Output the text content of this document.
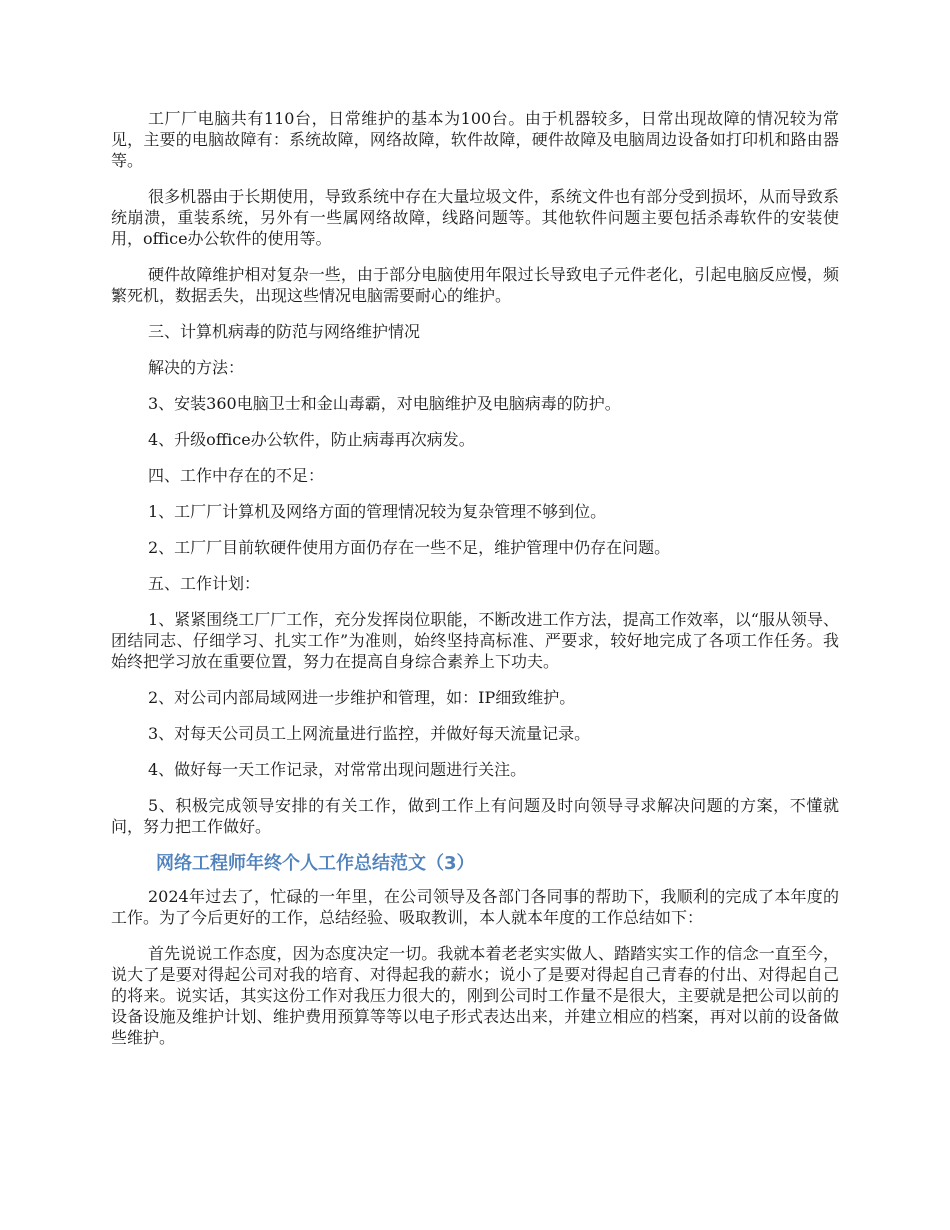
工厂厂电脑共有110台，日常维护的基本为100台。由于机器较多，日常出现故障的情况较为常见，主要的电脑故障有：系统故障，网络故障，软件故障，硬件故障及电脑周边设备如打印机和路由器等。

很多机器由于长期使用，导致系统中存在大量垃圾文件，系统文件也有部分受到损坏，从而导致系统崩溃，重装系统，另外有一些属网络故障，线路问题等。其他软件问题主要包括杀毒软件的安装使用，office办公软件的使用等。

硬件故障维护相对复杂一些，由于部分电脑使用年限过长导致电子元件老化，引起电脑反应慢，频繁死机，数据丢失，出现这些情况电脑需要耐心的维护。

三、计算机病毒的防范与网络维护情况

解决的方法：

3、安装360电脑卫士和金山毒霸，对电脑维护及电脑病毒的防护。

4、升级office办公软件，防止病毒再次病发。

四、工作中存在的不足：

1、工厂厂计算机及网络方面的管理情况较为复杂管理不够到位。

2、工厂厂目前软硬件使用方面仍存在一些不足，维护管理中仍存在问题。

五、工作计划：

1、紧紧围绕工厂厂工作，充分发挥岗位职能，不断改进工作方法，提高工作效率，以“服从领导、团结同志、仔细学习、扎实工作”为准则，始终坚持高标准、严要求，较好地完成了各项工作任务。我始终把学习放在重要位置，努力在提高自身综合素养上下功夫。

2、对公司内部局域网进一步维护和管理，如：IP细致维护。

3、对每天公司员工上网流量进行监控，并做好每天流量记录。

4、做好每一天工作记录，对常常出现问题进行关注。

5、积极完成领导安排的有关工作，做到工作上有问题及时向领导寻求解决问题的方案，不懂就问，努力把工作做好。

网络工程师年终个人工作总结范文（3）

2024年过去了，忙碌的一年里，在公司领导及各部门各同事的帮助下，我顺利的完成了本年度的工作。为了今后更好的工作，总结经验、吸取教训，本人就本年度的工作总结如下：

首先说说工作态度，因为态度决定一切。我就本着老老实实做人、踏踏实实工作的信念一直至今，说大了是要对得起公司对我的培育、对得起我的薪水；说小了是要对得起自己青春的付出、对得起自己的将来。说实话，其实这份工作对我压力很大的，刚到公司时工作量不是很大，主要就是把公司以前的设备设施及维护计划、维护费用预算等等以电子形式表达出来，并建立相应的档案，再对以前的设备做些维护。
